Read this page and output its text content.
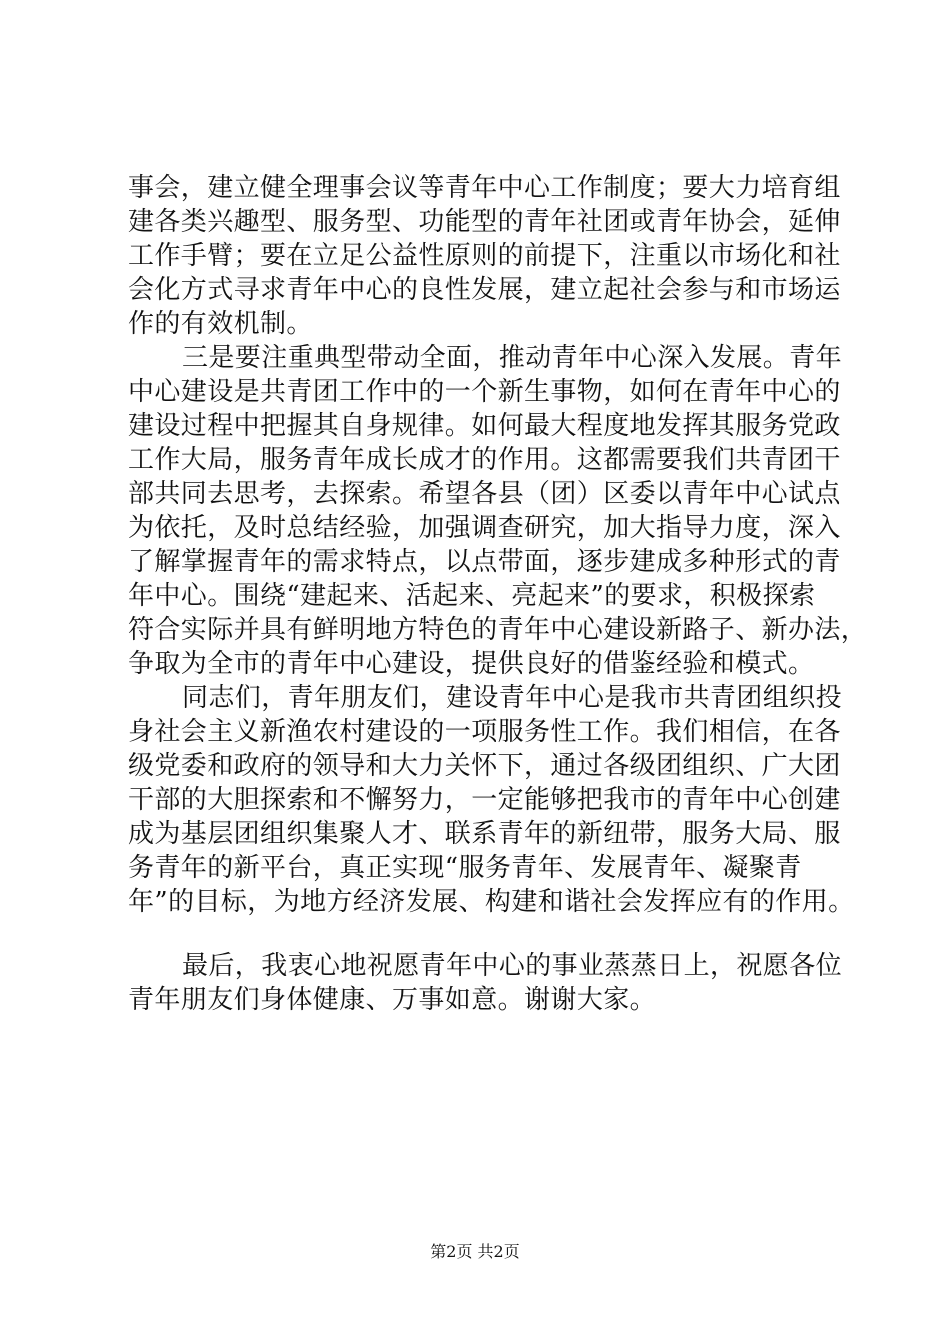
事会，建立健全理事会议等青年中心工作制度；要大力培育组
建各类兴趣型、服务型、功能型的青年社团或青年协会，延伸
工作手臂；要在立足公益性原则的前提下，注重以市场化和社
会化方式寻求青年中心的良性发展，建立起社会参与和市场运
作的有效机制。
三是要注重典型带动全面，推动青年中心深入发展。青年
中心建设是共青团工作中的一个新生事物，如何在青年中心的
建设过程中把握其自身规律。如何最大程度地发挥其服务党政
工作大局，服务青年成长成才的作用。这都需要我们共青团干
部共同去思考，去探索。希望各县（团）区委以青年中心试点
为依托，及时总结经验，加强调查研究，加大指导力度，深入
了解掌握青年的需求特点，以点带面，逐步建成多种形式的青
年中心。围绕“建起来、活起来、亮起来”的要求，积极探索
符合实际并具有鲜明地方特色的青年中心建设新路子、新办法，
争取为全市的青年中心建设，提供良好的借鉴经验和模式。
同志们，青年朋友们，建设青年中心是我市共青团组织投
身社会主义新渔农村建设的一项服务性工作。我们相信，在各
级党委和政府的领导和大力关怀下，通过各级团组织、广大团
干部的大胆探索和不懈努力，一定能够把我市的青年中心创建
成为基层团组织集聚人才、联系青年的新纽带，服务大局、服
务青年的新平台，真正实现“服务青年、发展青年、凝聚青
年”的目标，为地方经济发展、构建和谐社会发挥应有的作用。
最后，我衷心地祝愿青年中心的事业蒸蒸日上，祝愿各位
青年朋友们身体健康、万事如意。谢谢大家。
第2页 共2页
